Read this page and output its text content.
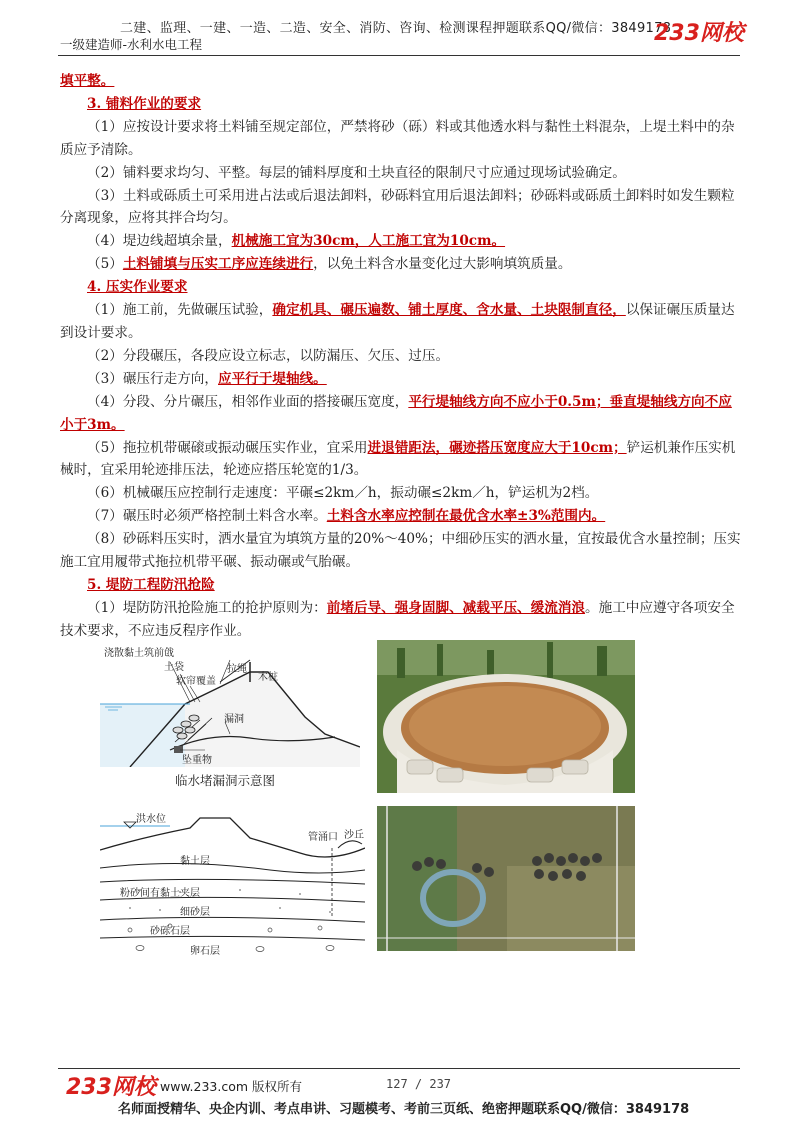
二建、监理、一建、一造、二造、安全、消防、咨询、检测课程押题联系QQ/微信：3849178
一级建造师-水利水电工程	233网校

填平整。

3. 铺料作业的要求

（1）应按设计要求将土料铺至规定部位，严禁将砂（砾）料或其他透水料与黏性土料混杂，上堤土料中的杂质应予清除。

（2）铺料要求均匀、平整。每层的铺料厚度和土块直径的限制尺寸应通过现场试验确定。

（3）土料或砾质土可采用进占法或后退法卸料，砂砾料宜用后退法卸料；砂砾料或砾质土卸料时如发生颗粒分离现象，应将其拌合均匀。

（4）堤边线超填余量，机械施工宜为30cm，人工施工宜为10cm。

（5）土料铺填与压实工序应连续进行，以免土料含水量变化过大影响填筑质量。

4. 压实作业要求

（1）施工前，先做碾压试验，确定机具、碾压遍数、铺土厚度、含水量、土块限制直径，以保证碾压质量达到设计要求。

（2）分段碾压，各段应设立标志，以防漏压、欠压、过压。

（3）碾压行走方向，应平行于堤轴线。

（4）分段、分片碾压，相邻作业面的搭接碾压宽度，平行堤轴线方向不应小于0.5m；垂直堤轴线方向不应小于3m。

（5）拖拉机带碾磙或振动碾压实作业，宜采用进退错距法，碾迹搭压宽度应大于10cm；铲运机兼作压实机械时，宜采用轮迹排压法，轮迹应搭压轮宽的1/3。

（6）机械碾压应控制行走速度：平碾≤2km／h，振动碾≤2km／h，铲运机为2档。

（7）碾压时必须严格控制土料含水率。土料含水率应控制在最优含水率±3%范围内。

（8）砂砾料压实时，洒水量宜为填筑方量的20%～40%；中细砂压实的洒水量，宜按最优含水量控制；压实施工宜用履带式拖拉机带平碾、振动碾或气胎碾。

5. 堤防工程防汛抢险

（1）堤防防汛抢险施工的抢护原则为：前堵后导、强身固脚、减载平压、缓流消浪。施工中应遵守各项安全技术要求，不应违反程序作业。

浇散黏土筑前戗
土袋
软帘覆盖
拉绳
木桩
漏洞
坠重物
临水堵漏洞示意图
洪水位
管涌口 沙丘
黏土层
粉砂间有黏土夹层
细砂层
砂砾石层
卵石层
233网校 www.233.com 版权所有	127 / 237
名师面授精华、央企内训、考点串讲、习题模考、考前三页纸、绝密押题联系QQ/微信：3849178
